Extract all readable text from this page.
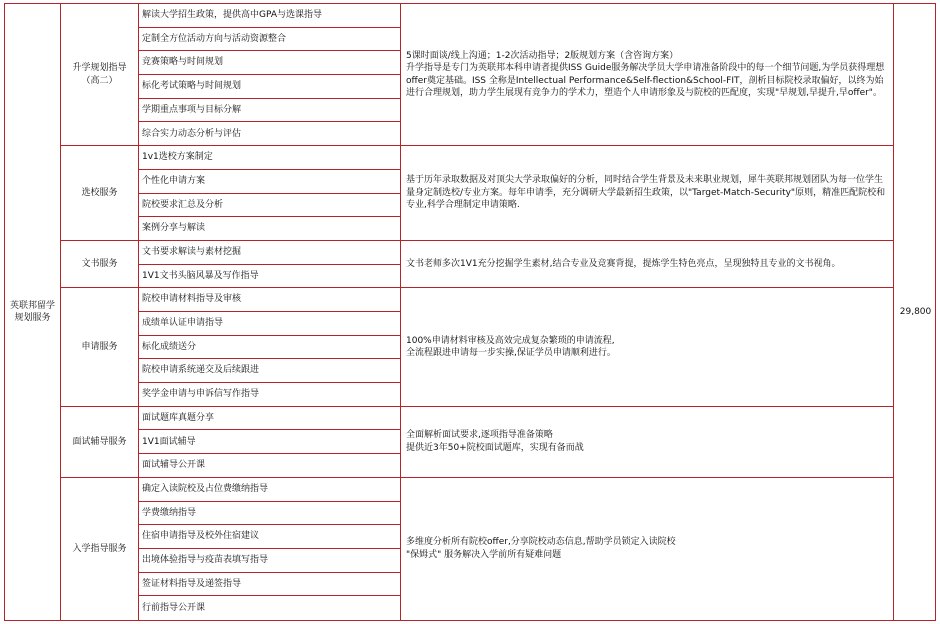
英联邦留学规划服务
升学规划指导（高二）
解读大学招生政策，提供高中GPA与选课指导
定制全方位活动方向与活动资源整合
竞赛策略与时间规划
标化考试策略与时间规划
学期重点事项与目标分解
综合实力动态分析与评估
5课时面谈/线上沟通；1-2次活动指导；2版规划方案（含咨询方案）
升学指导是专门为英联邦本科申请者提供ISS Guide服务解决学员大学申请准备阶段中的每一个细节问题,为学员获得理想offer奠定基础。ISS 全称是Intellectual Performance&Self-flection&School-FIT，剖析目标院校录取偏好，以终为始进行合理规划，助力学生展现有竞争力的学术力，塑造个人申请形象及与院校的匹配度，实现"早规划,早提升,早offer"。
选校服务
1v1选校方案制定
个性化申请方案
院校要求汇总及分析
案例分享与解读
基于历年录取数据及对顶尖大学录取偏好的分析，同时结合学生背景及未来职业规划，犀牛英联邦规划团队为每一位学生量身定制选校/专业方案。每年申请季，充分调研大学最新招生政策，以"Target-Match-Security"原则，精准匹配院校和专业,科学合理制定申请策略.
文书服务
文书要求解读与素材挖掘
1V1文书头脑风暴及写作指导
文书老师多次1V1充分挖掘学生素材,结合专业及竞赛背提，提炼学生特色亮点，呈现独特且专业的文书视角。
申请服务
院校申请材料指导及审核
成绩单认证申请指导
标化成绩送分
院校申请系统递交及后续跟进
奖学金申请与申诉信写作指导
100%申请材料审核及高效完成复杂繁琐的申请流程,
全流程跟进申请每一步实操,保证学员申请顺利进行。
面试辅导服务
面试题库真题分享
1V1面试辅导
面试辅导公开课
全面解析面试要求,逐项指导准备策略
提供近3年50+院校面试题库，实现有备而战
入学指导服务
确定入读院校及占位费缴纳指导
学费缴纳指导
住宿申请指导及校外住宿建议
出境体验指导与疫苗表填写指导
签证材料指导及递签指导
行前指导公开课
多维度分析所有院校offer,分享院校动态信息,帮助学员锁定入读院校
"保姆式" 服务解决入学前所有疑难问题
29,800
